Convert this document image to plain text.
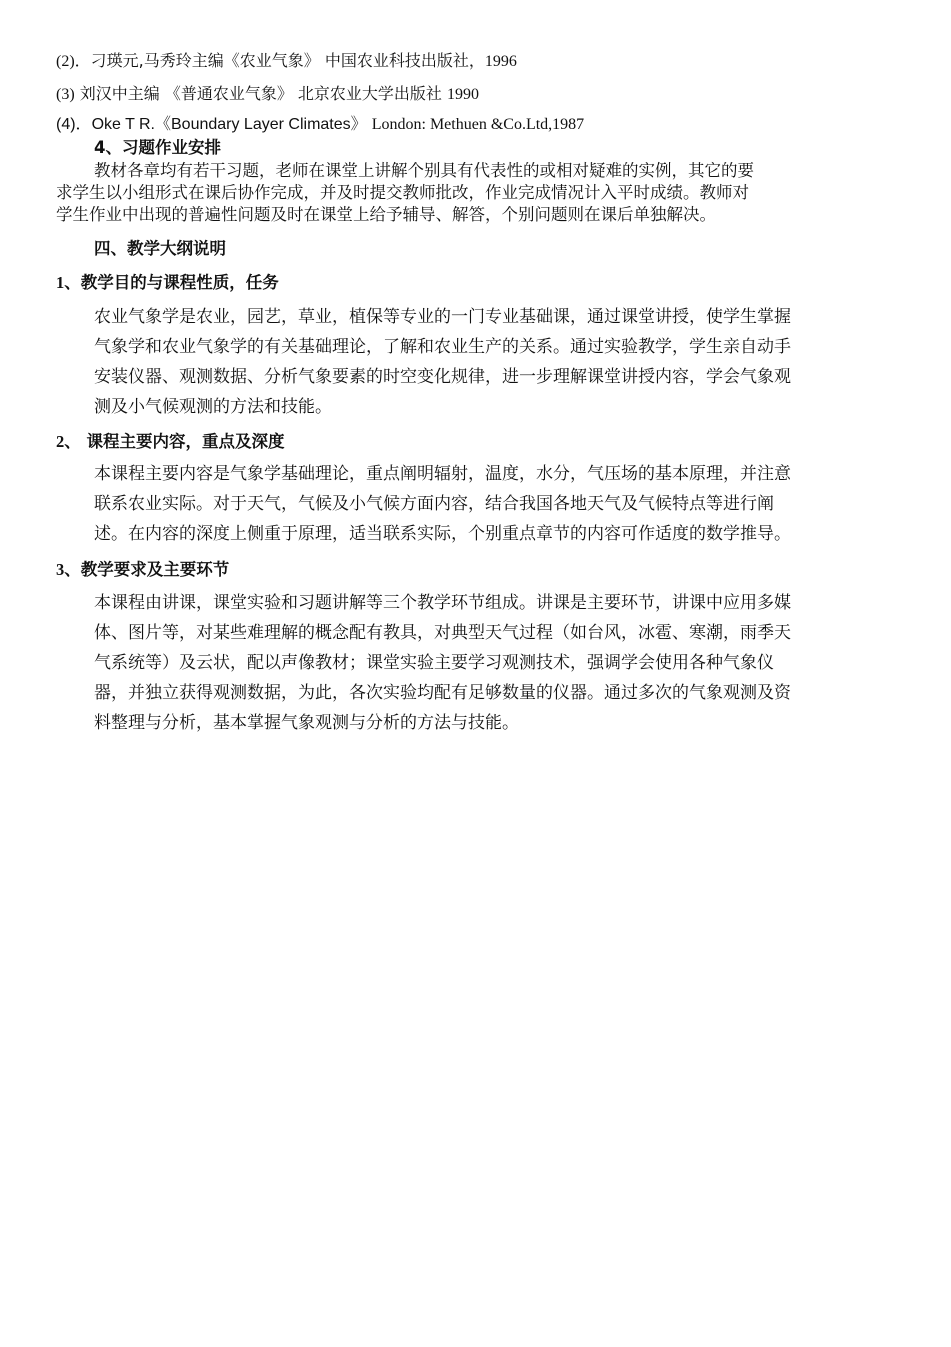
(2)．刁瑛元,马秀玲主编《农业气象》 中国农业科技出版社，1996
(3) 刘汉中主编 《普通农业气象》 北京农业大学出版社 1990
(4)．Oke T R.《Boundary Layer Climates》 London: Methuen &Co.Ltd,1987
4、习题作业安排
教材各章均有若干习题，老师在课堂上讲解个别具有代表性的或相对疑难的实例，其它的要
求学生以小组形式在课后协作完成，并及时提交教师批改，作业完成情况计入平时成绩。教师对
学生作业中出现的普遍性问题及时在课堂上给予辅导、解答，个别问题则在课后单独解决。
四、教学大纲说明
1、教学目的与课程性质，任务
农业气象学是农业，园艺，草业，植保等专业的一门专业基础课，通过课堂讲授，使学生掌握
气象学和农业气象学的有关基础理论，了解和农业生产的关系。通过实验教学，学生亲自动手
安装仪器、观测数据、分析气象要素的时空变化规律，进一步理解课堂讲授内容，学会气象观
测及小气候观测的方法和技能。
2、 课程主要内容，重点及深度
本课程主要内容是气象学基础理论，重点阐明辐射，温度，水分，气压场的基本原理，并注意
联系农业实际。对于天气，气候及小气候方面内容，结合我国各地天气及气候特点等进行阐
述。在内容的深度上侧重于原理，适当联系实际，个别重点章节的内容可作适度的数学推导。
3、教学要求及主要环节
本课程由讲课，课堂实验和习题讲解等三个教学环节组成。讲课是主要环节，讲课中应用多媒
体、图片等，对某些难理解的概念配有教具，对典型天气过程（如台风，冰雹、寒潮，雨季天
气系统等）及云状，配以声像教材；课堂实验主要学习观测技术，强调学会使用各种气象仪
器，并独立获得观测数据，为此，各次实验均配有足够数量的仪器。通过多次的气象观测及资
料整理与分析，基本掌握气象观测与分析的方法与技能。
